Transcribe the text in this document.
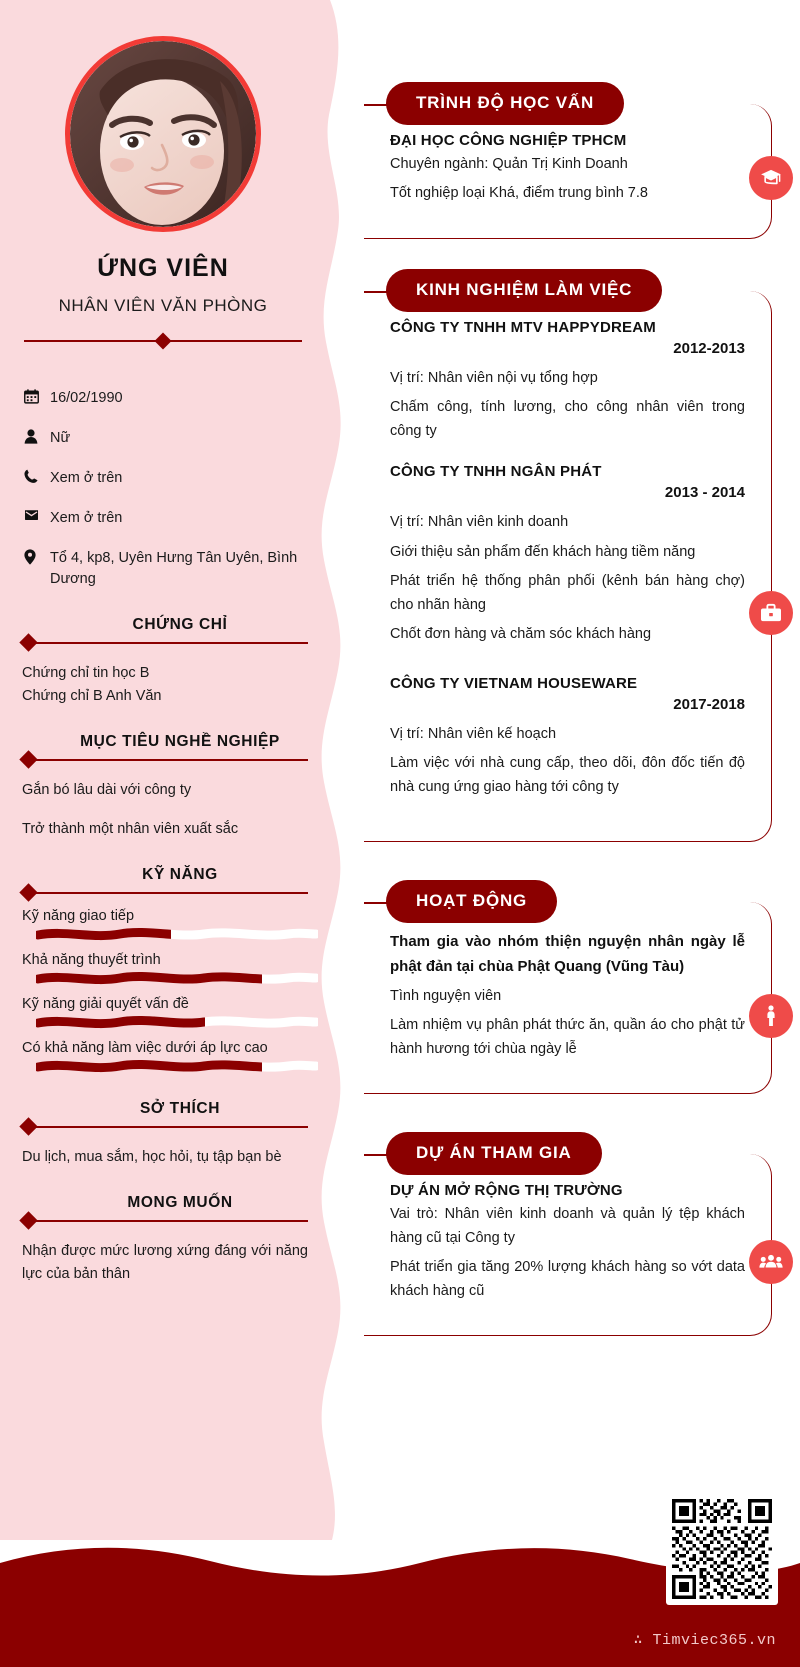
ỨNG VIÊN
NHÂN VIÊN VĂN PHÒNG
16/02/1990
Nữ
Xem ở trên
Xem ở trên
Tổ 4, kp8, Uyên Hưng Tân Uyên, Bình Dương
CHỨNG CHỈ

Chứng chỉ tin học B

Chứng chỉ B Anh Văn

MỤC TIÊU NGHỀ NGHIỆP

Gắn bó lâu dài với công ty

Trở thành một nhân viên xuất sắc

KỸ NĂNG
Kỹ năng giao tiếp
Khả năng thuyết trình
Kỹ năng giải quyết vấn đề
Có khả năng làm việc dưới áp lực cao
SỞ THÍCH

Du lịch, mua sắm, học hỏi, tụ tập bạn bè

MONG MUỐN

Nhận được mức lương xứng đáng với năng lực của bản thân

TRÌNH ĐỘ HỌC VẤN
ĐẠI HỌC CÔNG NGHIỆP TPHCM
Chuyên ngành: Quản Trị Kinh Doanh
Tốt nghiệp loại Khá, điểm trung bình 7.8
KINH NGHIỆM LÀM VIỆC
CÔNG TY TNHH MTV HAPPYDREAM
2012-2013
Vị trí: Nhân viên nội vụ tổng hợp
Chấm công, tính lương, cho công nhân viên trong công ty
CÔNG TY TNHH NGÂN PHÁT
2013 - 2014
Vị trí: Nhân viên kinh doanh
Giới thiệu sản phẩm đến khách hàng tiềm năng
Phát triển hệ thống phân phối (kênh bán hàng chợ) cho nhãn hàng
Chốt đơn hàng và chăm sóc khách hàng
CÔNG TY VIETNAM HOUSEWARE
2017-2018
Vị trí: Nhân viên kế hoạch
Làm việc với nhà cung cấp, theo dõi, đôn đốc tiến độ nhà cung ứng giao hàng tới công ty
HOẠT ĐỘNG
Tham gia vào nhóm thiện nguyện nhân ngày lễ phật đản tại chùa Phật Quang (Vũng Tàu)
Tình nguyện viên
Làm nhiệm vụ phân phát thức ăn, quần áo cho phật tử hành hương tới chùa ngày lễ
DỰ ÁN THAM GIA
DỰ ÁN MỞ RỘNG THỊ TRƯỜNG
Vai trò: Nhân viên kinh doanh và quản lý tệp khách hàng cũ tại Công ty
Phát triển gia tăng 20% lượng khách hàng so vớt data khách hàng cũ
∴ Timviec365.vn
